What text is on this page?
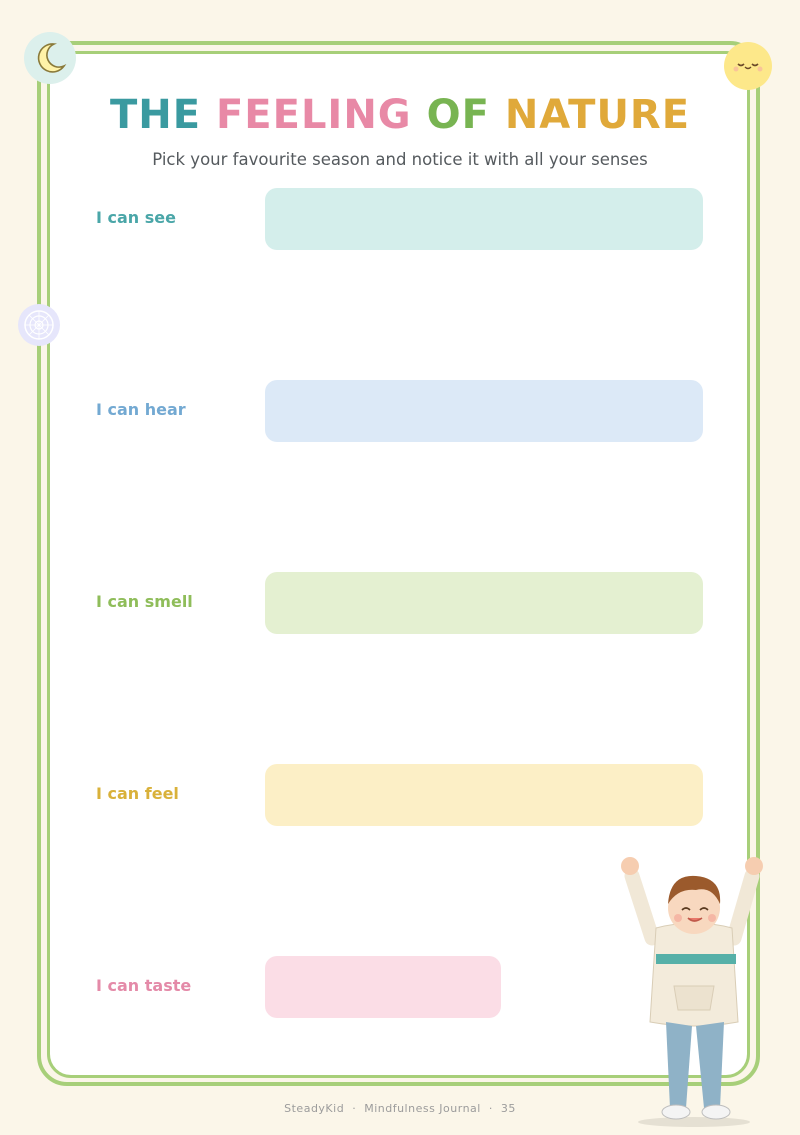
THE FEELING OF NATURE

Pick your favourite season and notice it with all your senses

I can see
I can hear
I can smell
I can feel
I can taste
SteadyKid · Mindfulness Journal · 35
